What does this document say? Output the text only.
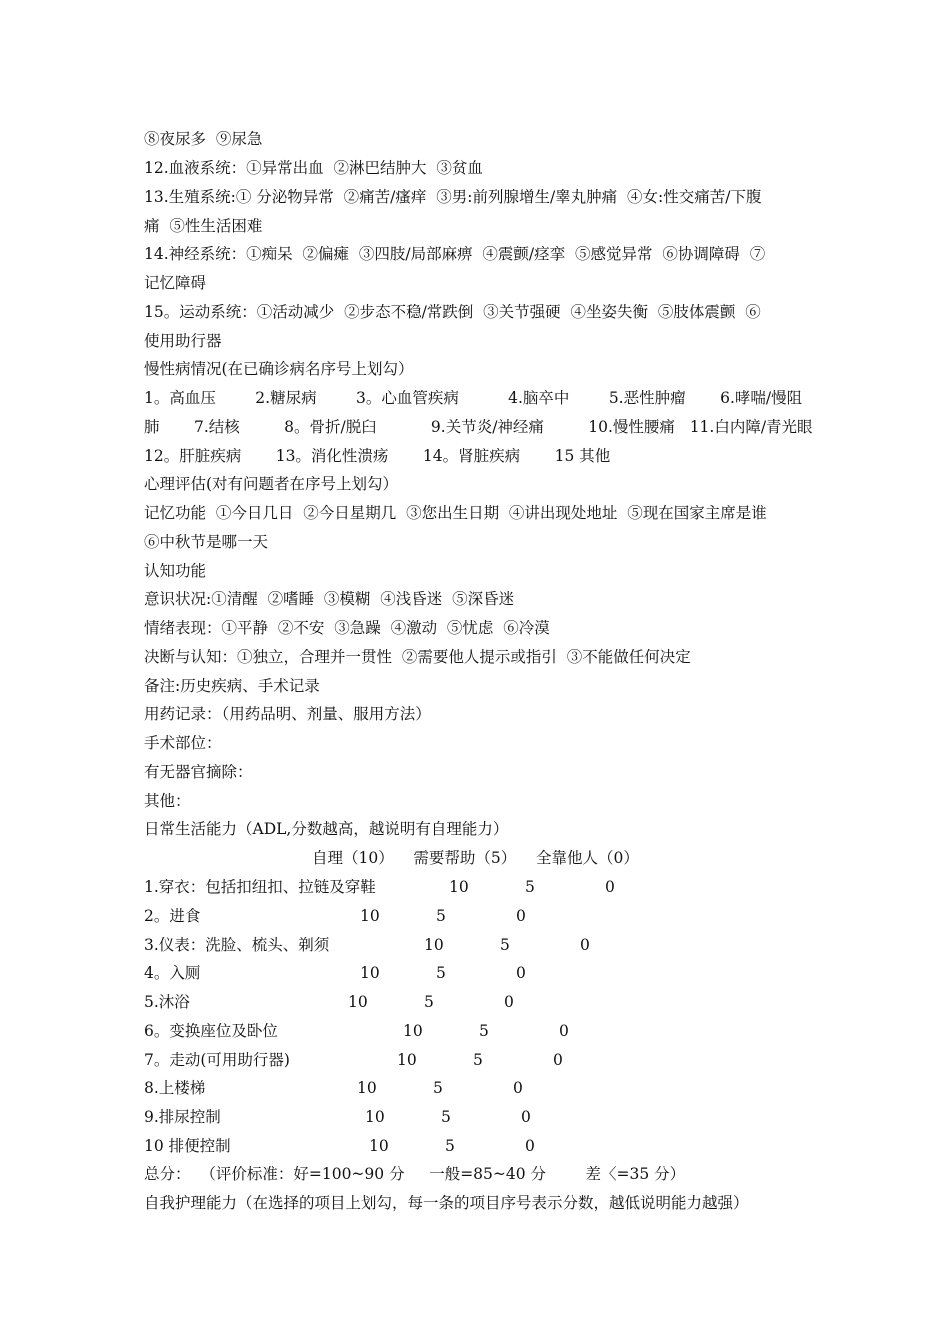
⑧夜尿多  ⑨尿急
12.血液系统：①异常出血  ②淋巴结肿大  ③贫血
13.生殖系统:① 分泌物异常  ②痛苦/瘙痒  ③男:前列腺增生/睾丸肿痛  ④女:性交痛苦/下腹
痛  ⑤性生活困难
14.神经系统：①痴呆  ②偏瘫  ③四肢/局部麻痹  ④震颤/痉挛  ⑤感觉异常  ⑥协调障碍  ⑦
记忆障碍
15。运动系统：①活动减少  ②步态不稳/常跌倒  ③关节强硬  ④坐姿失衡  ⑤肢体震颤  ⑥
使用助行器
慢性病情况(在已确诊病名序号上划勾）
1。高血压        2.糖尿病        3。心血管疾病          4.脑卒中        5.恶性肿瘤       6.哮喘/慢阻
肺       7.结核         8。骨折/脱臼           9.关节炎/神经痛         10.慢性腰痛   11.白内障/青光眼
12。肝脏疾病       13。消化性溃疡       14。肾脏疾病       15 其他
心理评估(对有问题者在序号上划勾）
记忆功能  ①今日几日  ②今日星期几  ③您出生日期  ④讲出现处地址  ⑤现在国家主席是谁
⑥中秋节是哪一天
认知功能
意识状况:①清醒  ②嗜睡  ③模糊  ④浅昏迷  ⑤深昏迷
情绪表现：①平静  ②不安  ③急躁  ④激动  ⑤忧虑  ⑥冷漠
决断与认知：①独立，合理并一贯性  ②需要他人提示或指引  ③不能做任何决定
备注:历史疾病、手术记录
用药记录：（用药品明、剂量、服用方法）
手术部位：
有无器官摘除：
其他：
日常生活能力（ADL,分数越高，越说明有自理能力）
自理（10）    需要帮助（5）    全靠他人（0）
1.穿衣：包括扣纽扣、拉链及穿鞋	10	5	0
2。进食	10	5	0
3.仪表：洗脸、梳头、剃须	10	5	0
4。入厕	10	5	0
5.沐浴	10	5	0
6。变换座位及卧位	10	5	0
7。走动(可用助行器)	10	5	0
8.上楼梯	10	5	0
9.排尿控制	10	5	0
10 排便控制	10	5	0
总分：  （评价标准：好=100~90 分     一般=85~40 分        差〈=35 分）
自我护理能力（在选择的项目上划勾，每一条的项目序号表示分数，越低说明能力越强）
